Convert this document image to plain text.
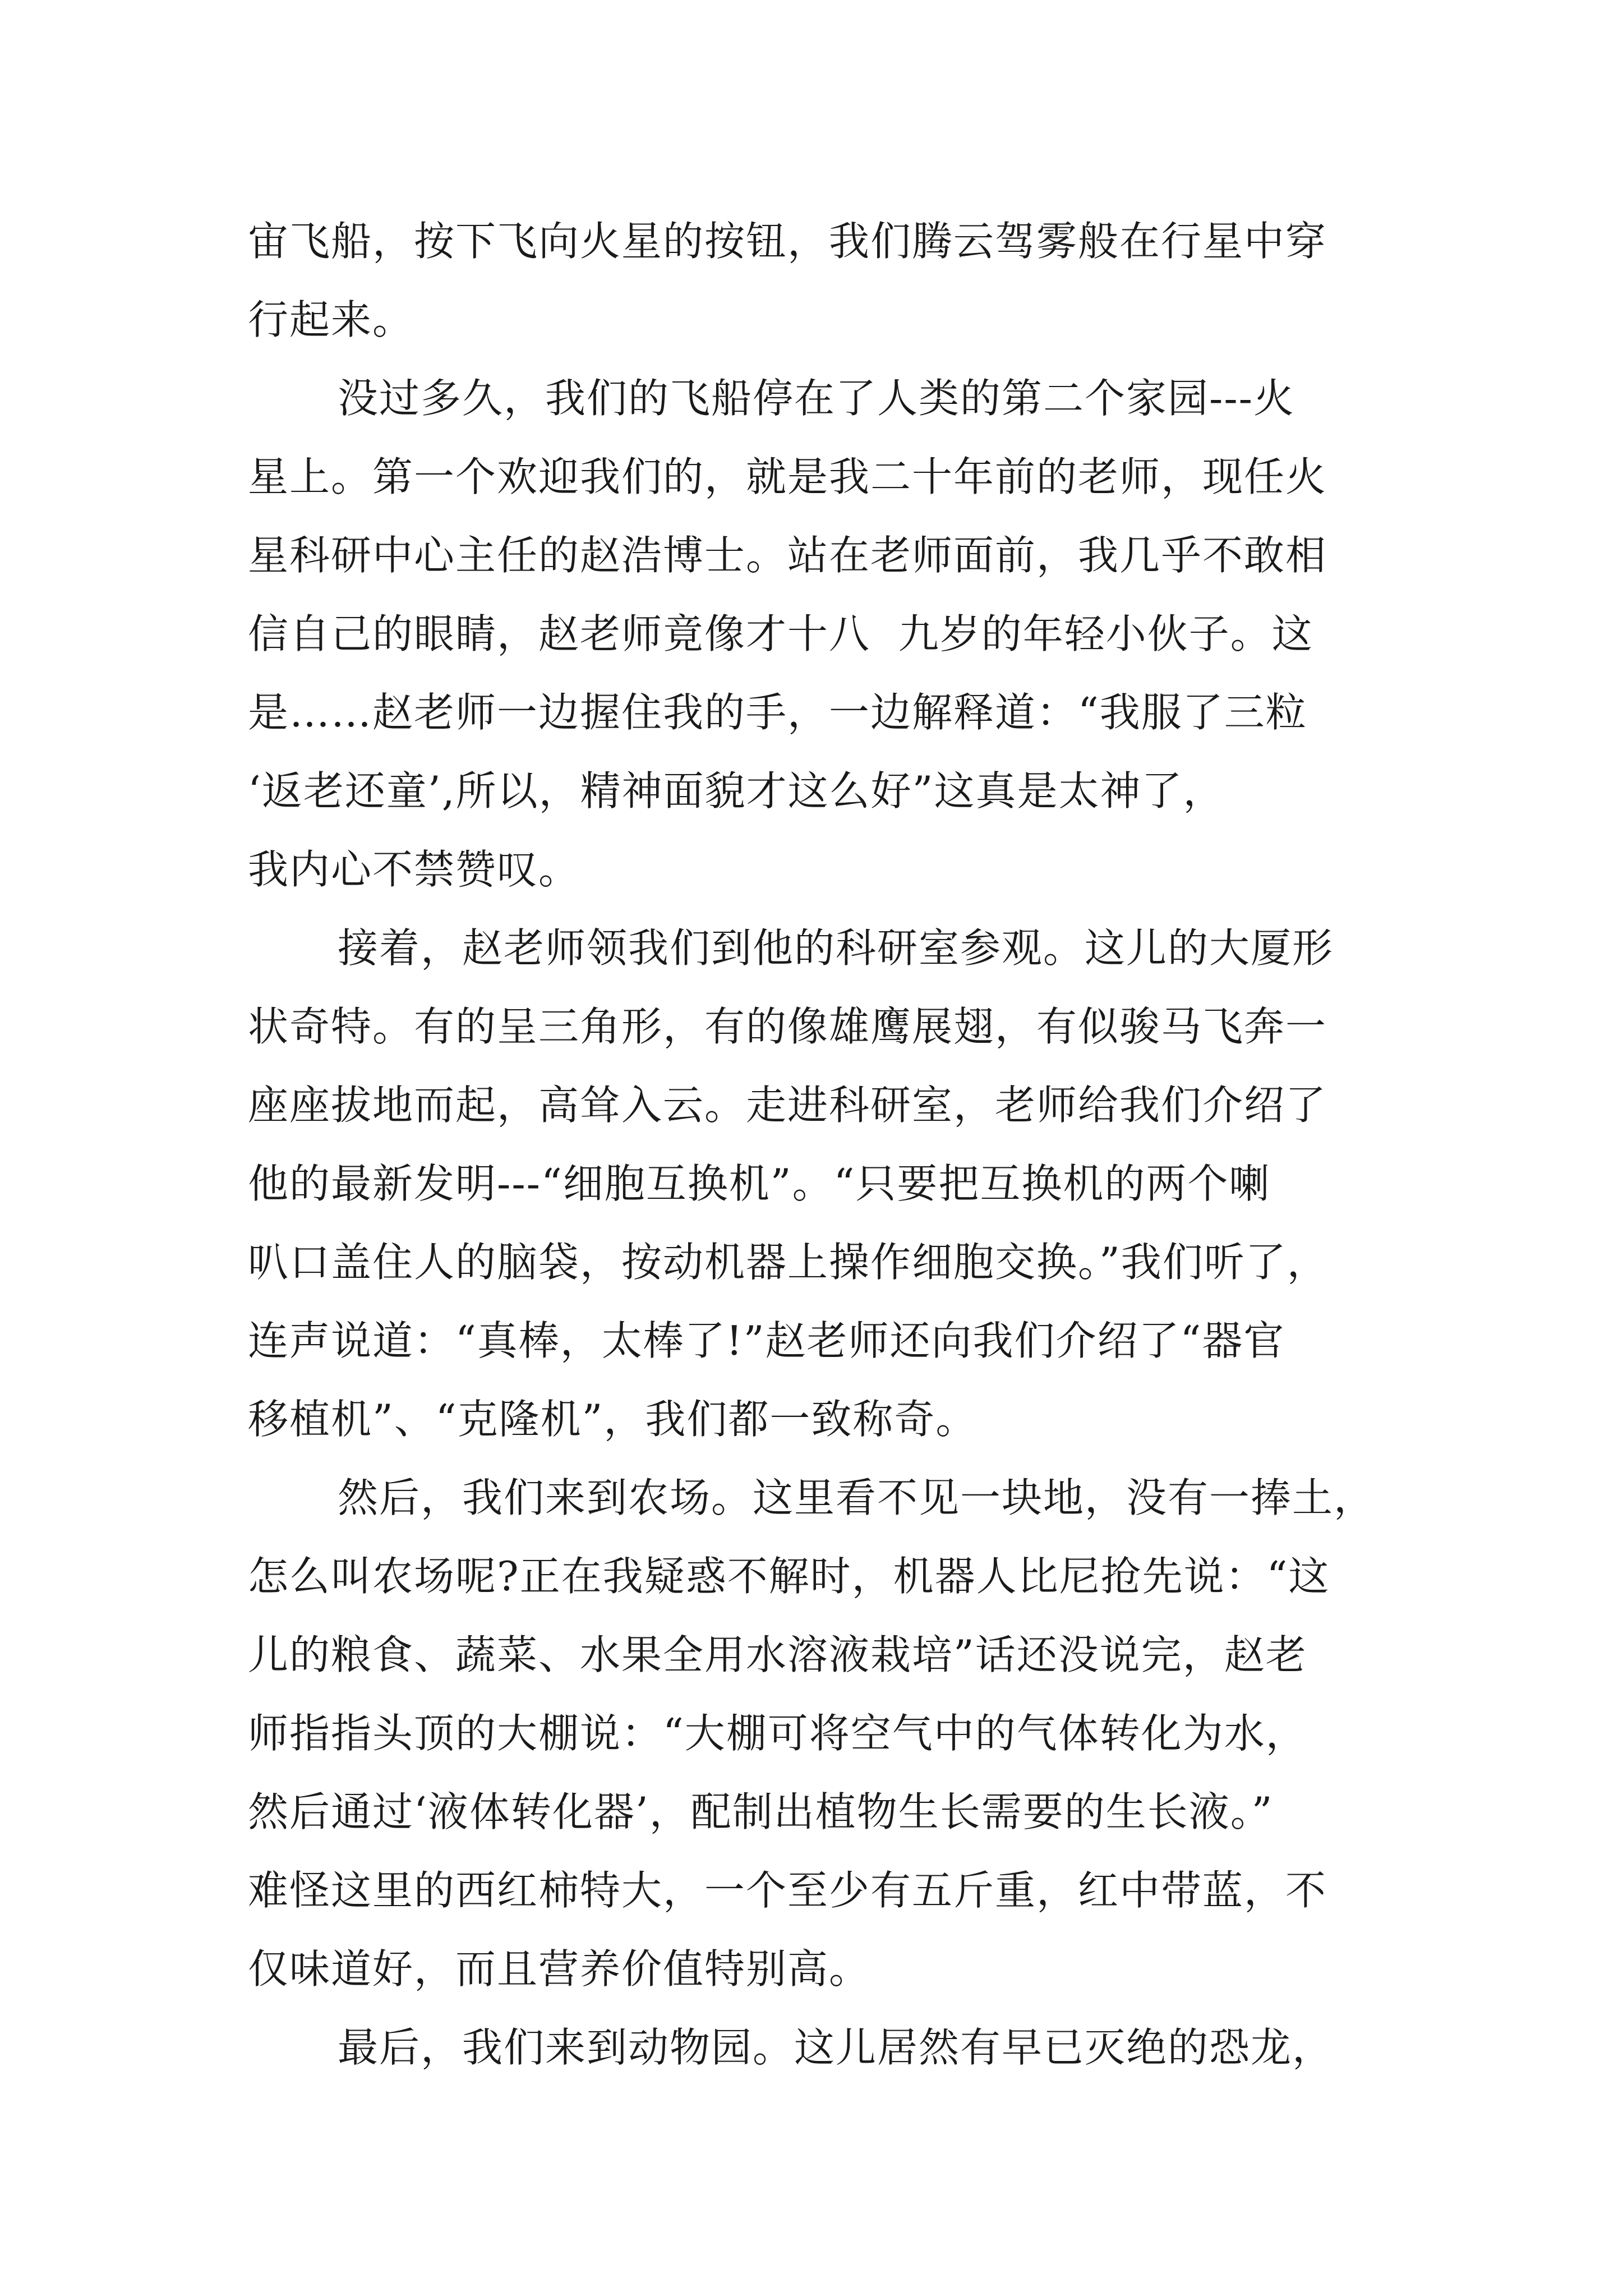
宙飞船，按下飞向火星的按钮，我们腾云驾雾般在行星中穿
行起来。
没过多久，我们的飞船停在了人类的第二个家园---火
星上。第一个欢迎我们的，就是我二十年前的老师，现任火
星科研中心主任的赵浩博士。站在老师面前，我几乎不敢相
信自己的眼睛，赵老师竟像才十八  九岁的年轻小伙子。这
是……赵老师一边握住我的手，一边解释道：“我服了三粒
‘返老还童’,所以，精神面貌才这么好”这真是太神了，
我内心不禁赞叹。
接着，赵老师领我们到他的科研室参观。这儿的大厦形
状奇特。有的呈三角形，有的像雄鹰展翅，有似骏马飞奔一
座座拔地而起，高耸入云。走进科研室，老师给我们介绍了
他的最新发明---“细胞互换机”。“只要把互换机的两个喇
叭口盖住人的脑袋，按动机器上操作细胞交换。”我们听了，
连声说道：“真棒，太棒了!”赵老师还向我们介绍了“器官
移植机”、“克隆机”，我们都一致称奇。
然后，我们来到农场。这里看不见一块地，没有一捧土，
怎么叫农场呢?正在我疑惑不解时，机器人比尼抢先说：“这
儿的粮食、蔬菜、水果全用水溶液栽培”话还没说完，赵老
师指指头顶的大棚说：“大棚可将空气中的气体转化为水，
然后通过‘液体转化器’，配制出植物生长需要的生长液。”
难怪这里的西红柿特大，一个至少有五斤重，红中带蓝，不
仅味道好，而且营养价值特别高。
最后，我们来到动物园。这儿居然有早已灭绝的恐龙，
